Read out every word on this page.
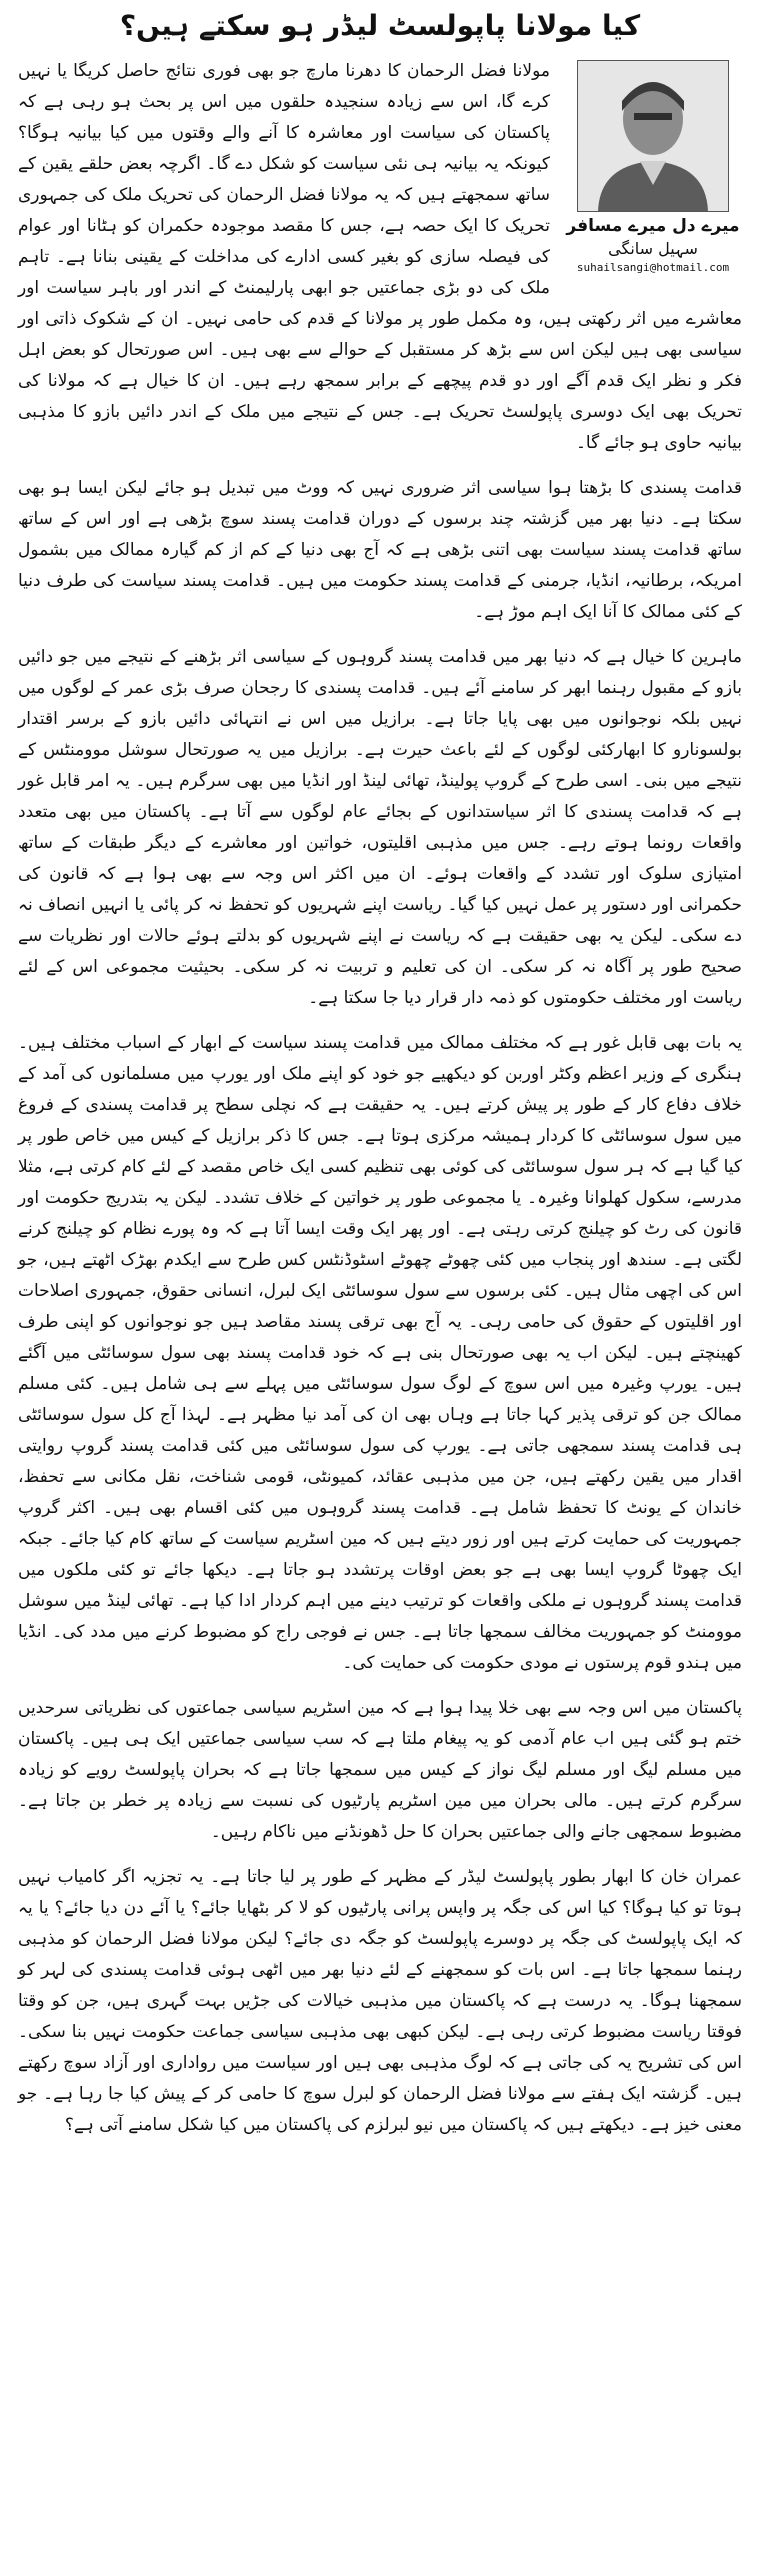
کیا مولانا پاپولسٹ لیڈر ہو سکتے ہیں؟
میرے دل میرے مسافر
سہیل سانگی
suhailsangi@hotmail.com

مولانا فضل الرحمان کا دھرنا مارچ جو بھی فوری نتائج حاصل کریگا یا نہیں کرے گا، اس سے زیادہ سنجیدہ حلقوں میں اس پر بحث ہو رہی ہے کہ پاکستان کی سیاست اور معاشرہ کا آنے والے وقتوں میں کیا بیانیہ ہوگا؟ کیونکہ یہ بیانیہ ہی نئی سیاست کو شکل دے گا۔ اگرچہ بعض حلقے یقین کے ساتھ سمجھتے ہیں کہ یہ مولانا فضل الرحمان کی تحریک ملک کی جمہوری تحریک کا ایک حصہ ہے، جس کا مقصد موجودہ حکمران کو ہٹانا اور عوام کی فیصلہ سازی کو بغیر کسی ادارے کی مداخلت کے یقینی بنانا ہے۔ تاہم ملک کی دو بڑی جماعتیں جو ابھی پارلیمنٹ کے اندر اور باہر سیاست اور معاشرے میں اثر رکھتی ہیں، وہ مکمل طور پر مولانا کے قدم کی حامی نہیں۔ ان کے شکوک ذاتی اور سیاسی بھی ہیں لیکن اس سے بڑھ کر مستقبل کے حوالے سے بھی ہیں۔ اس صورتحال کو بعض اہل فکر و نظر ایک قدم آگے اور دو قدم پیچھے کے برابر سمجھ رہے ہیں۔ ان کا خیال ہے کہ مولانا کی تحریک بھی ایک دوسری پاپولسٹ تحریک ہے۔ جس کے نتیجے میں ملک کے اندر دائیں بازو کا مذہبی بیانیہ حاوی ہو جائے گا۔

قدامت پسندی کا بڑھتا ہوا سیاسی اثر ضروری نہیں کہ ووٹ میں تبدیل ہو جائے لیکن ایسا ہو بھی سکتا ہے۔ دنیا بھر میں گزشتہ چند برسوں کے دوران قدامت پسند سوچ بڑھی ہے اور اس کے ساتھ ساتھ قدامت پسند سیاست بھی اتنی بڑھی ہے کہ آج بھی دنیا کے کم از کم گیارہ ممالک میں بشمول امریکہ، برطانیہ، انڈیا، جرمنی کے قدامت پسند حکومت میں ہیں۔ قدامت پسند سیاست کی طرف دنیا کے کئی ممالک کا آنا ایک اہم موڑ ہے۔

ماہرین کا خیال ہے کہ دنیا بھر میں قدامت پسند گروہوں کے سیاسی اثر بڑھنے کے نتیجے میں جو دائیں بازو کے مقبول رہنما ابھر کر سامنے آئے ہیں۔ قدامت پسندی کا رجحان صرف بڑی عمر کے لوگوں میں نہیں بلکہ نوجوانوں میں بھی پایا جاتا ہے۔ برازیل میں اس نے انتہائی دائیں بازو کے برسر اقتدار بولسونارو کا ابھارکئی لوگوں کے لئے باعث حیرت ہے۔ برازیل میں یہ صورتحال سوشل موومنٹس کے نتیجے میں بنی۔ اسی طرح کے گروپ پولینڈ، تھائی لینڈ اور انڈیا میں بھی سرگرم ہیں۔ یہ امر قابل غور ہے کہ قدامت پسندی کا اثر سیاستدانوں کے بجائے عام لوگوں سے آتا ہے۔ پاکستان میں بھی متعدد واقعات رونما ہوتے رہے۔ جس میں مذہبی اقلیتوں، خواتین اور معاشرے کے دیگر طبقات کے ساتھ امتیازی سلوک اور تشدد کے واقعات ہوئے۔ ان میں اکثر اس وجہ سے بھی ہوا ہے کہ قانون کی حکمرانی اور دستور پر عمل نہیں کیا گیا۔ ریاست اپنے شہریوں کو تحفظ نہ کر پائی یا انہیں انصاف نہ دے سکی۔ لیکن یہ بھی حقیقت ہے کہ ریاست نے اپنے شہریوں کو بدلتے ہوئے حالات اور نظریات سے صحیح طور پر آگاہ نہ کر سکی۔ ان کی تعلیم و تربیت نہ کر سکی۔ بحیثیت مجموعی اس کے لئے ریاست اور مختلف حکومتوں کو ذمہ دار قرار دیا جا سکتا ہے۔

یہ بات بھی قابل غور ہے کہ مختلف ممالک میں قدامت پسند سیاست کے ابھار کے اسباب مختلف ہیں۔ ہنگری کے وزیر اعظم وکٹر اوربن کو دیکھیے جو خود کو اپنے ملک اور یورپ میں مسلمانوں کی آمد کے خلاف دفاع کار کے طور پر پیش کرتے ہیں۔ یہ حقیقت ہے کہ نچلی سطح پر قدامت پسندی کے فروغ میں سول سوسائٹی کا کردار ہمیشہ مرکزی ہوتا ہے۔ جس کا ذکر برازیل کے کیس میں خاص طور پر کیا گیا ہے کہ ہر سول سوسائٹی کی کوئی بھی تنظیم کسی ایک خاص مقصد کے لئے کام کرتی ہے، مثلا مدرسے، سکول کھلوانا وغیرہ۔ یا مجموعی طور پر خواتین کے خلاف تشدد۔ لیکن یہ بتدریج حکومت اور قانون کی رٹ کو چیلنج کرتی رہتی ہے۔ اور پھر ایک وقت ایسا آتا ہے کہ وہ پورے نظام کو چیلنج کرنے لگتی ہے۔ سندھ اور پنجاب میں کئی چھوٹے چھوٹے اسٹوڈنٹس کس طرح سے ایکدم بھڑک اٹھتے ہیں، جو اس کی اچھی مثال ہیں۔ کئی برسوں سے سول سوسائٹی ایک لبرل، انسانی حقوق، جمہوری اصلاحات اور اقلیتوں کے حقوق کی حامی رہی۔ یہ آج بھی ترقی پسند مقاصد ہیں جو نوجوانوں کو اپنی طرف کھینچتے ہیں۔ لیکن اب یہ بھی صورتحال بنی ہے کہ خود قدامت پسند بھی سول سوسائٹی میں آگئے ہیں۔ یورپ وغیرہ میں اس سوچ کے لوگ سول سوسائٹی میں پہلے سے ہی شامل ہیں۔ کئی مسلم ممالک جن کو ترقی پذیر کہا جاتا ہے وہاں بھی ان کی آمد نیا مظہر ہے۔ لہذا آج کل سول سوسائٹی ہی قدامت پسند سمجھی جاتی ہے۔ یورپ کی سول سوسائٹی میں کئی قدامت پسند گروپ روایتی اقدار میں یقین رکھتے ہیں، جن میں مذہبی عقائد، کمیونٹی، قومی شناخت، نقل مکانی سے تحفظ، خاندان کے یونٹ کا تحفظ شامل ہے۔ قدامت پسند گروہوں میں کئی اقسام بھی ہیں۔ اکثر گروپ جمہوریت کی حمایت کرتے ہیں اور زور دیتے ہیں کہ مین اسٹریم سیاست کے ساتھ کام کیا جائے۔ جبکہ ایک چھوٹا گروپ ایسا بھی ہے جو بعض اوقات پرتشدد ہو جاتا ہے۔ دیکھا جائے تو کئی ملکوں میں قدامت پسند گروہوں نے ملکی واقعات کو ترتیب دینے میں اہم کردار ادا کیا ہے۔ تھائی لینڈ میں سوشل موومنٹ کو جمہوریت مخالف سمجھا جاتا ہے۔ جس نے فوجی راج کو مضبوط کرنے میں مدد کی۔ انڈیا میں ہندو قوم پرستوں نے مودی حکومت کی حمایت کی۔

پاکستان میں اس وجہ سے بھی خلا پیدا ہوا ہے کہ مین اسٹریم سیاسی جماعتوں کی نظریاتی سرحدیں ختم ہو گئی ہیں اب عام آدمی کو یہ پیغام ملتا ہے کہ سب سیاسی جماعتیں ایک ہی ہیں۔ پاکستان میں مسلم لیگ اور مسلم لیگ نواز کے کیس میں سمجھا جاتا ہے کہ بحران پاپولسٹ رویے کو زیادہ سرگرم کرتے ہیں۔ مالی بحران میں مین اسٹریم پارٹیوں کی نسبت سے زیادہ پر خطر بن جاتا ہے۔ مضبوط سمجھی جانے والی جماعتیں بحران کا حل ڈھونڈنے میں ناکام رہیں۔

عمران خان کا ابھار بطور پاپولسٹ لیڈر کے مظہر کے طور پر لیا جاتا ہے۔ یہ تجزیہ اگر کامیاب نہیں ہوتا تو کیا ہوگا؟ کیا اس کی جگہ پر واپس پرانی پارٹیوں کو لا کر بٹھایا جائے؟ یا آئے دن دیا جائے؟ یا یہ کہ ایک پاپولسٹ کی جگہ پر دوسرے پاپولسٹ کو جگہ دی جائے؟ لیکن مولانا فضل الرحمان کو مذہبی رہنما سمجھا جاتا ہے۔ اس بات کو سمجھنے کے لئے دنیا بھر میں اٹھی ہوئی قدامت پسندی کی لہر کو سمجھنا ہوگا۔ یہ درست ہے کہ پاکستان میں مذہبی خیالات کی جڑیں بہت گہری ہیں، جن کو وقتا فوقتا ریاست مضبوط کرتی رہی ہے۔ لیکن کبھی بھی مذہبی سیاسی جماعت حکومت نہیں بنا سکی۔ اس کی تشریح یہ کی جاتی ہے کہ لوگ مذہبی بھی ہیں اور سیاست میں رواداری اور آزاد سوچ رکھتے ہیں۔ گزشتہ ایک ہفتے سے مولانا فضل الرحمان کو لبرل سوچ کا حامی کر کے پیش کیا جا رہا ہے۔ جو معنی خیز ہے۔ دیکھتے ہیں کہ پاکستان میں نیو لبرلزم کی پاکستان میں کیا شکل سامنے آتی ہے؟
